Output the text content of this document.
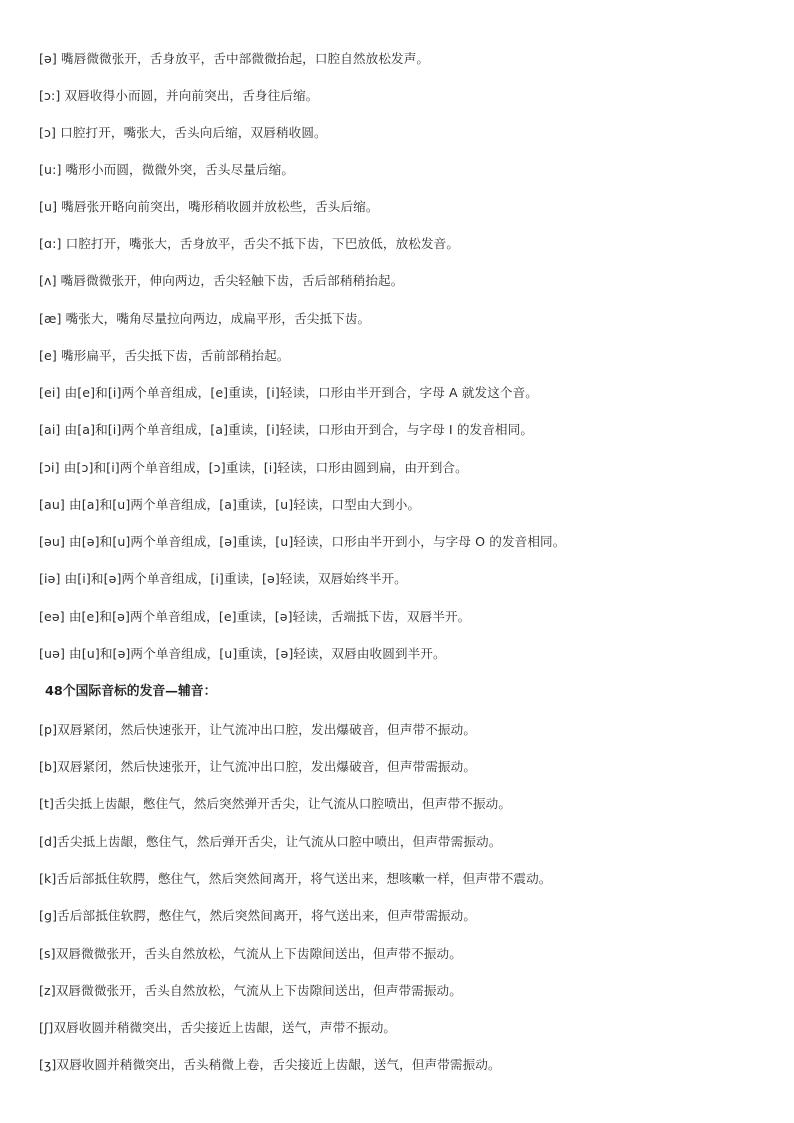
[ə] 嘴唇微微张开，舌身放平，舌中部微微抬起，口腔自然放松发声。
[ɔ:] 双唇收得小而圆，并向前突出，舌身往后缩。
[ɔ] 口腔打开，嘴张大，舌头向后缩，双唇稍收圆。
[u:] 嘴形小而圆，微微外突，舌头尽量后缩。
[u] 嘴唇张开略向前突出，嘴形稍收圆并放松些，舌头后缩。
[ɑ:] 口腔打开，嘴张大，舌身放平，舌尖不抵下齿，下巴放低，放松发音。
[ʌ] 嘴唇微微张开，伸向两边，舌尖轻触下齿，舌后部稍稍抬起。
[æ] 嘴张大，嘴角尽量拉向两边，成扁平形，舌尖抵下齿。
[e] 嘴形扁平，舌尖抵下齿，舌前部稍抬起。
[ei] 由[e]和[i]两个单音组成，[e]重读，[i]轻读，口形由半开到合，字母 A 就发这个音。
[ai] 由[a]和[i]两个单音组成，[a]重读，[i]轻读，口形由开到合，与字母 I 的发音相同。
[ɔi] 由[ɔ]和[i]两个单音组成，[ɔ]重读，[i]轻读，口形由圆到扁，由开到合。
[au] 由[a]和[u]两个单音组成，[a]重读，[u]轻读，口型由大到小。
[əu] 由[ə]和[u]两个单音组成，[ə]重读，[u]轻读，口形由半开到小，与字母 O 的发音相同。
[iə] 由[i]和[ə]两个单音组成，[i]重读，[ə]轻读，双唇始终半开。
[eə] 由[e]和[ə]两个单音组成，[e]重读，[ə]轻读，舌端抵下齿，双唇半开。
[uə] 由[u]和[ə]两个单音组成，[u]重读，[ə]轻读，双唇由收圆到半开。
48个国际音标的发音—辅音：
[p]双唇紧闭，然后快速张开，让气流冲出口腔，发出爆破音，但声带不振动。
[b]双唇紧闭，然后快速张开，让气流冲出口腔，发出爆破音，但声带需振动。
[t]舌尖抵上齿龈，憋住气，然后突然弹开舌尖，让气流从口腔喷出，但声带不振动。
[d]舌尖抵上齿龈，憋住气，然后弹开舌尖，让气流从口腔中喷出，但声带需振动。
[k]舌后部抵住软腭，憋住气，然后突然间离开，将气送出来，想咳嗽一样，但声带不震动。
[g]舌后部抵住软腭，憋住气，然后突然间离开，将气送出来，但声带需振动。
[s]双唇微微张开，舌头自然放松，气流从上下齿隙间送出，但声带不振动。
[z]双唇微微张开，舌头自然放松，气流从上下齿隙间送出，但声带需振动。
[ʃ]双唇收圆并稍微突出，舌尖接近上齿龈，送气，声带不振动。
[ʒ]双唇收圆并稍微突出，舌头稍微上卷，舌尖接近上齿龈，送气，但声带需振动。
